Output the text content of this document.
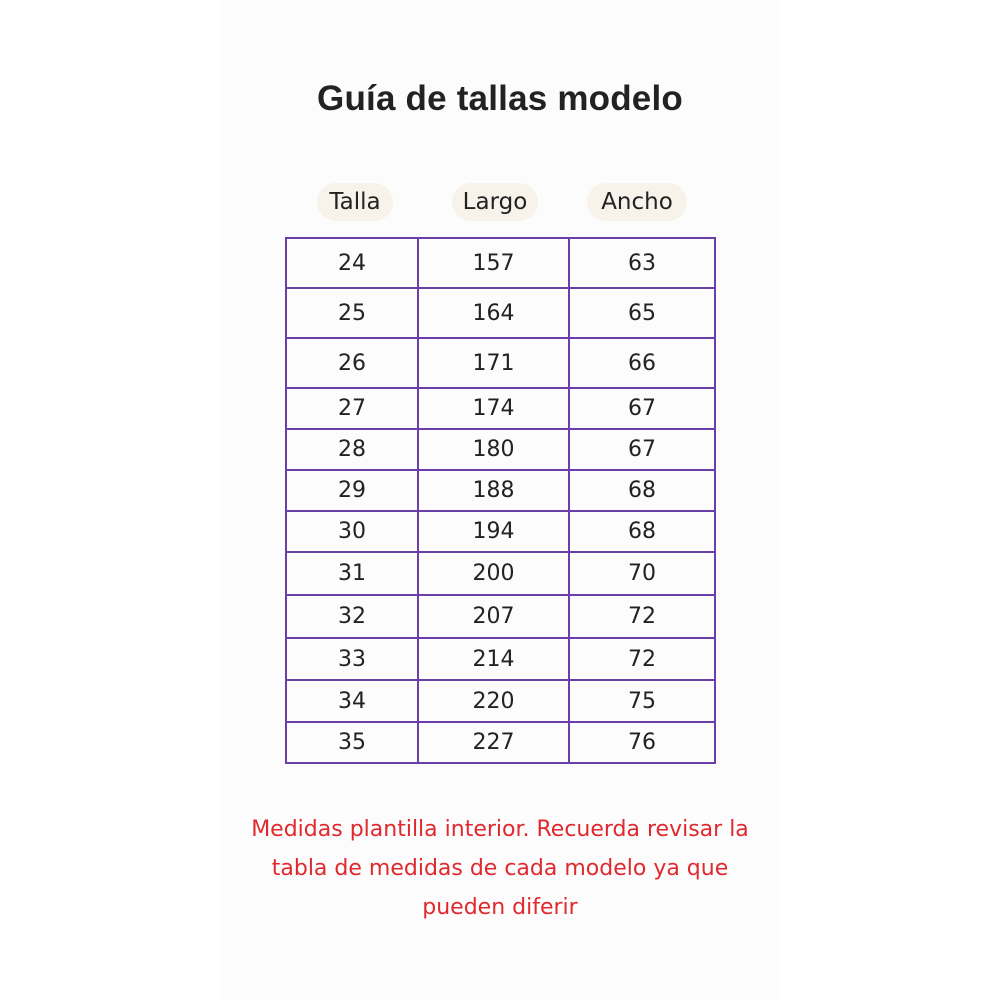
Guía de tallas modelo
Talla	Largo	Ancho
24	157	63
25	164	65
26	171	66
27	174	67
28	180	67
29	188	68
30	194	68
31	200	70
32	207	72
33	214	72
34	220	75
35	227	76
Medidas plantilla interior. Recuerda revisar la
tabla de medidas de cada modelo ya que
pueden diferir
